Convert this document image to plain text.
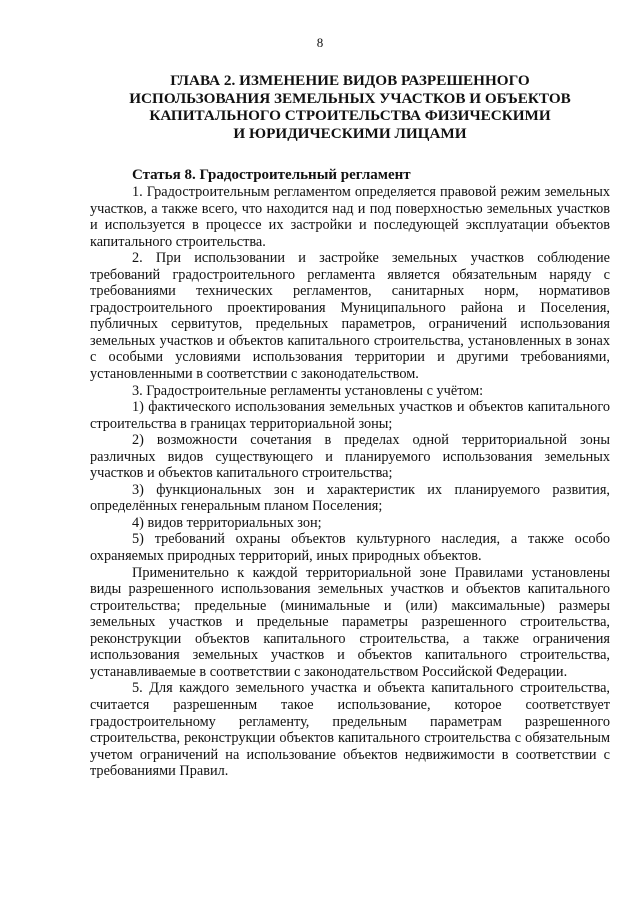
8
ГЛАВА 2. ИЗМЕНЕНИЕ ВИДОВ РАЗРЕШЕННОГО
ИСПОЛЬЗОВАНИЯ ЗЕМЕЛЬНЫХ УЧАСТКОВ И ОБЪЕКТОВ
КАПИТАЛЬНОГО СТРОИТЕЛЬСТВА ФИЗИЧЕСКИМИ
И ЮРИДИЧЕСКИМИ ЛИЦАМИ
Статья 8. Градостроительный регламент

1. Градостроительным регламентом определяется правовой режим земельных участков, а также всего, что находится над и под поверхностью земельных участков и используется в процессе их застройки и последующей эксплуатации объектов капитального строительства.

2. При использовании и застройке земельных участков соблюдение требований градостроительного регламента является обязательным наряду с требованиями технических регламентов, санитарных норм, нормативов градостроительного проектирования Муниципального района и Поселения, публичных сервитутов, предельных параметров, ограничений использования земельных участков и объектов капитального строительства, установленных в зонах с особыми условиями использования территории и другими требованиями, установленными в соответствии с законодательством.

3. Градостроительные регламенты установлены с учётом:

1) фактического использования земельных участков и объектов капитального строительства в границах территориальной зоны;

2) возможности сочетания в пределах одной территориальной зоны различных видов существующего и планируемого использования земельных участков и объектов капитального строительства;

3) функциональных зон и характеристик их планируемого развития, определённых генеральным планом Поселения;

4) видов территориальных зон;

5) требований охраны объектов культурного наследия, а также особо охраняемых природных территорий, иных природных объектов.

Применительно к каждой территориальной зоне Правилами установлены виды разрешенного использования земельных участков и объектов капитального строительства; предельные (минимальные и (или) максимальные) размеры земельных участков и предельные параметры разрешенного строительства, реконструкции объектов капитального строительства, а также ограничения использования земельных участков и объектов капитального строительства, устанавливаемые в соответствии с законодательством Российской Федерации.

5. Для каждого земельного участка и объекта капитального строительства, считается разрешенным такое использование, которое соответствует градостроительному регламенту, предельным параметрам разрешенного строительства, реконструкции объектов капитального строительства с обязательным учетом ограничений на использование объектов недвижимости в соответствии с требованиями Правил.
